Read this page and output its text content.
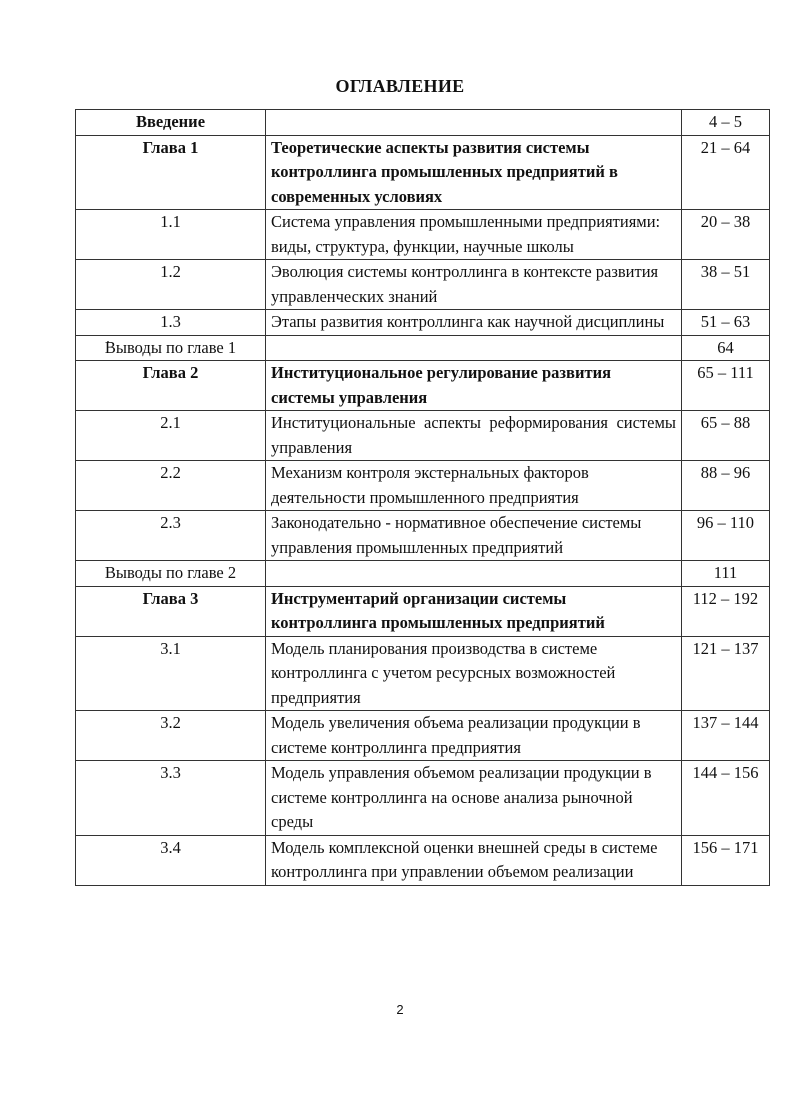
ОГЛАВЛЕНИЕ
Введение		4 – 5
Глава 1	Теоретические аспекты развития системы контроллинга промышленных предприятий в современных условиях	21 – 64
1.1	Система управления промышленными предприятиями: виды, структура, функции, научные школы	20 – 38
1.2	Эволюция системы контроллинга в контексте развития управленческих знаний	38 – 51
1.3	Этапы развития контроллинга как научной дисциплины	51 – 63
Выводы по главе 1		64
Глава 2	Институциональное регулирование развития системы управления	65 – 111
2.1	Институциональные аспекты реформирования системы управления	65 – 88
2.2	Механизм контроля экстернальных факторов деятельности промышленного предприятия	88 – 96
2.3	Законодательно - нормативное обеспечение системы управления промышленных предприятий	96 – 110
Выводы по главе 2		111
Глава 3	Инструментарий организации системы контроллинга промышленных предприятий	112 – 192
3.1	Модель планирования производства в системе контроллинга с учетом ресурсных возможностей предприятия	121 – 137
3.2	Модель увеличения объема реализации продукции в системе контроллинга предприятия	137 – 144
3.3	Модель управления объемом реализации продукции в системе контроллинга на основе анализа рыночной среды	144 – 156
3.4	Модель комплексной оценки внешней среды в системе контроллинга при управлении объемом реализации	156 – 171
2
